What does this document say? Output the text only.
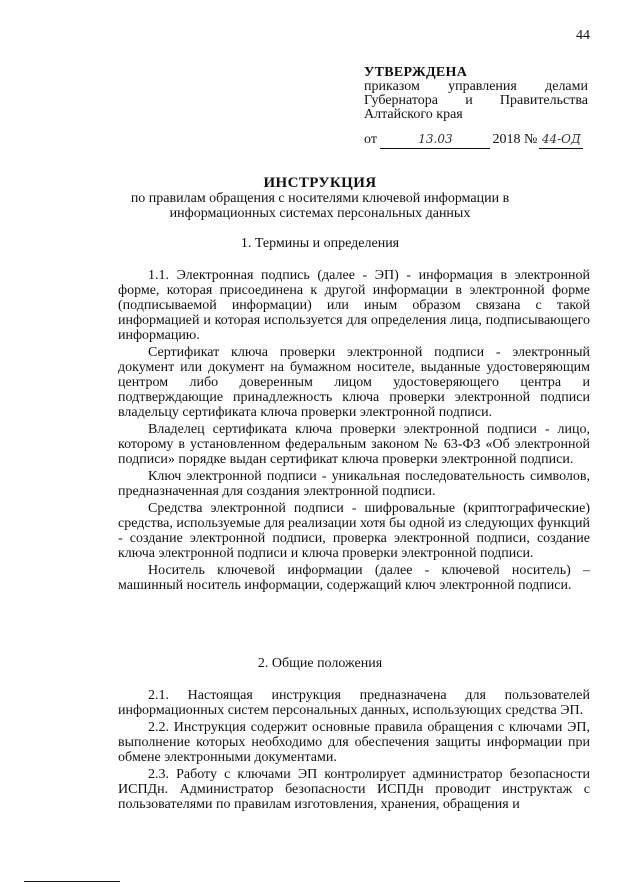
44
УТВЕРЖДЕНА
приказом управления делами
Губернатора и Правительства
Алтайского края
от	13.03	2018 № 44-ОД
ИНСТРУКЦИЯ
по правилам обращения с носителями ключевой информации в
информационных системах персональных данных
1. Термины и определения

1.1. Электронная подпись (далее - ЭП) - информация в электронной форме, которая присоединена к другой информации в электронной форме (подписываемой информации) или иным образом связана с такой информацией и которая используется для определения лица, подписывающего информацию.

Сертификат ключа проверки электронной подписи - электронный документ или документ на бумажном носителе, выданные удостоверяющим центром либо доверенным лицом удостоверяющего центра и подтверждающие принадлежность ключа проверки электронной подписи владельцу сертификата ключа проверки электронной подписи.

Владелец сертификата ключа проверки электронной подписи - лицо, которому в установленном федеральным законом № 63-ФЗ «Об электронной подписи» порядке выдан сертификат ключа проверки электронной подписи.

Ключ электронной подписи - уникальная последовательность символов, предназначенная для создания электронной подписи.

Средства электронной подписи - шифровальные (криптографические) средства, используемые для реализации хотя бы одной из следующих функций - создание электронной подписи, проверка электронной подписи, создание ключа электронной подписи и ключа проверки электронной подписи.

Носитель ключевой информации (далее - ключевой носитель) – машинный носитель информации, содержащий ключ электронной подписи.

2. Общие положения

2.1. Настоящая инструкция предназначена для пользователей информационных систем персональных данных, использующих средства ЭП.

2.2. Инструкция содержит основные правила обращения с ключами ЭП, выполнение которых необходимо для обеспечения защиты информации при обмене электронными документами.

2.3. Работу с ключами ЭП контролирует администратор безопасности ИСПДн. Администратор безопасности ИСПДн проводит инструктаж с пользователями по правилам изготовления, хранения, обращения и
